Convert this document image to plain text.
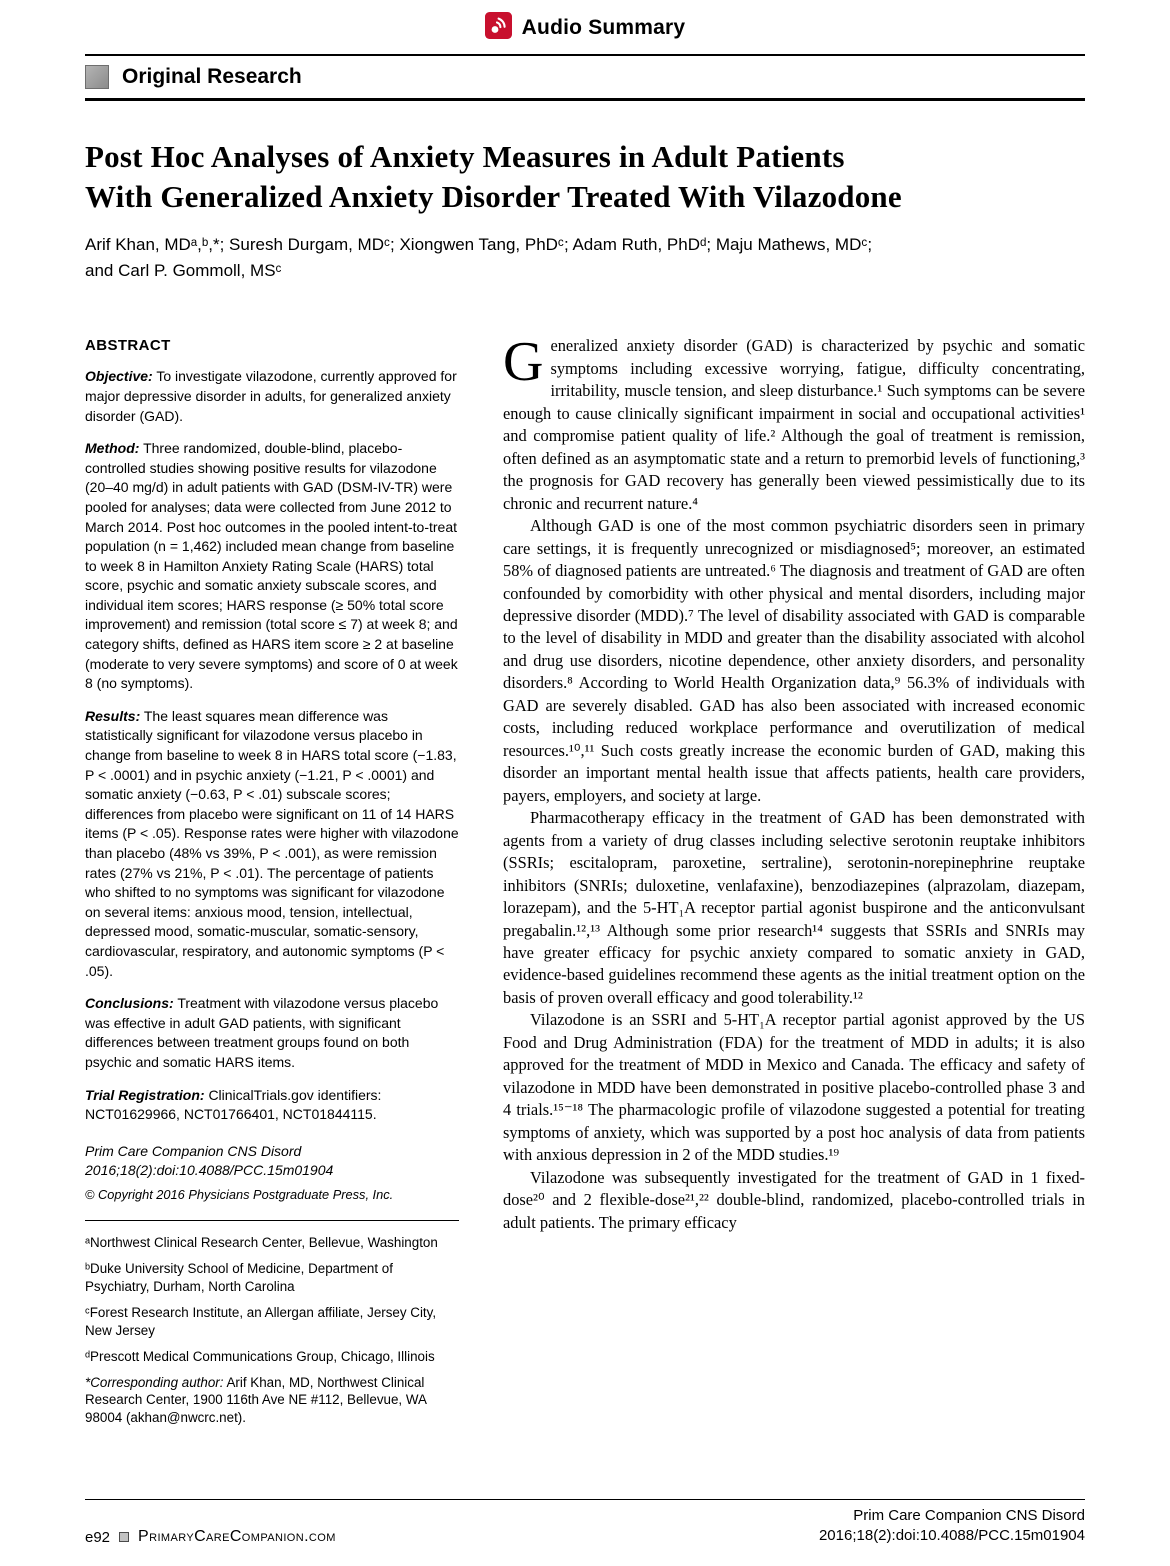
Audio Summary
Original Research
Post Hoc Analyses of Anxiety Measures in Adult Patients
With Generalized Anxiety Disorder Treated With Vilazodone

Arif Khan, MDᵃ,ᵇ,*; Suresh Durgam, MDᶜ; Xiongwen Tang, PhDᶜ; Adam Ruth, PhDᵈ; Maju Mathews, MDᶜ;
and Carl P. Gommoll, MSᶜ

ABSTRACT

Objective: To investigate vilazodone, currently approved for major depressive disorder in adults, for generalized anxiety disorder (GAD).

Method: Three randomized, double-blind, placebo-controlled studies showing positive results for vilazodone (20–40 mg/d) in adult patients with GAD (DSM-IV-TR) were pooled for analyses; data were collected from June 2012 to March 2014. Post hoc outcomes in the pooled intent-to-treat population (n = 1,462) included mean change from baseline to week 8 in Hamilton Anxiety Rating Scale (HARS) total score, psychic and somatic anxiety subscale scores, and individual item scores; HARS response (≥ 50% total score improvement) and remission (total score ≤ 7) at week 8; and category shifts, defined as HARS item score ≥ 2 at baseline (moderate to very severe symptoms) and score of 0 at week 8 (no symptoms).

Results: The least squares mean difference was statistically significant for vilazodone versus placebo in change from baseline to week 8 in HARS total score (−1.83, P < .0001) and in psychic anxiety (−1.21, P < .0001) and somatic anxiety (−0.63, P < .01) subscale scores; differences from placebo were significant on 11 of 14 HARS items (P < .05). Response rates were higher with vilazodone than placebo (48% vs 39%, P < .001), as were remission rates (27% vs 21%, P < .01). The percentage of patients who shifted to no symptoms was significant for vilazodone on several items: anxious mood, tension, intellectual, depressed mood, somatic-muscular, somatic-sensory, cardiovascular, respiratory, and autonomic symptoms (P < .05).

Conclusions: Treatment with vilazodone versus placebo was effective in adult GAD patients, with significant differences between treatment groups found on both psychic and somatic HARS items.

Trial Registration: ClinicalTrials.gov identifiers: NCT01629966, NCT01766401, NCT01844115.

Prim Care Companion CNS Disord 2016;18(2):doi:10.4088/PCC.15m01904

© Copyright 2016 Physicians Postgraduate Press, Inc.

ᵃNorthwest Clinical Research Center, Bellevue, Washington

ᵇDuke University School of Medicine, Department of Psychiatry, Durham, North Carolina

ᶜForest Research Institute, an Allergan affiliate, Jersey City, New Jersey

ᵈPrescott Medical Communications Group, Chicago, Illinois

*Corresponding author: Arif Khan, MD, Northwest Clinical Research Center, 1900 116th Ave NE #112, Bellevue, WA 98004 (akhan@nwcrc.net).

Generalized anxiety disorder (GAD) is characterized by psychic and somatic symptoms including excessive worrying, fatigue, difficulty concentrating, irritability, muscle tension, and sleep disturbance.¹ Such symptoms can be severe enough to cause clinically significant impairment in social and occupational activities¹ and compromise patient quality of life.² Although the goal of treatment is remission, often defined as an asymptomatic state and a return to premorbid levels of functioning,³ the prognosis for GAD recovery has generally been viewed pessimistically due to its chronic and recurrent nature.⁴

Although GAD is one of the most common psychiatric disorders seen in primary care settings, it is frequently unrecognized or misdiagnosed⁵; moreover, an estimated 58% of diagnosed patients are untreated.⁶ The diagnosis and treatment of GAD are often confounded by comorbidity with other physical and mental disorders, including major depressive disorder (MDD).⁷ The level of disability associated with GAD is comparable to the level of disability in MDD and greater than the disability associated with alcohol and drug use disorders, nicotine dependence, other anxiety disorders, and personality disorders.⁸ According to World Health Organization data,⁹ 56.3% of individuals with GAD are severely disabled. GAD has also been associated with increased economic costs, including reduced workplace performance and overutilization of medical resources.¹⁰,¹¹ Such costs greatly increase the economic burden of GAD, making this disorder an important mental health issue that affects patients, health care providers, payers, employers, and society at large.

Pharmacotherapy efficacy in the treatment of GAD has been demonstrated with agents from a variety of drug classes including selective serotonin reuptake inhibitors (SSRIs; escitalopram, paroxetine, sertraline), serotonin-norepinephrine reuptake inhibitors (SNRIs; duloxetine, venlafaxine), benzodiazepines (alprazolam, diazepam, lorazepam), and the 5-HT₁A receptor partial agonist buspirone and the anticonvulsant pregabalin.¹²,¹³ Although some prior research¹⁴ suggests that SSRIs and SNRIs may have greater efficacy for psychic anxiety compared to somatic anxiety in GAD, evidence-based guidelines recommend these agents as the initial treatment option on the basis of proven overall efficacy and good tolerability.¹²

Vilazodone is an SSRI and 5-HT₁A receptor partial agonist approved by the US Food and Drug Administration (FDA) for the treatment of MDD in adults; it is also approved for the treatment of MDD in Mexico and Canada. The efficacy and safety of vilazodone in MDD have been demonstrated in positive placebo-controlled phase 3 and 4 trials.¹⁵⁻¹⁸ The pharmacologic profile of vilazodone suggested a potential for treating symptoms of anxiety, which was supported by a post hoc analysis of data from patients with anxious depression in 2 of the MDD studies.¹⁹

Vilazodone was subsequently investigated for the treatment of GAD in 1 fixed-dose²⁰ and 2 flexible-dose²¹,²² double-blind, randomized, placebo-controlled trials in adult patients. The primary efficacy

e92 PrimaryCareCompanion.com
Prim Care Companion CNS Disord
2016;18(2):doi:10.4088/PCC.15m01904
